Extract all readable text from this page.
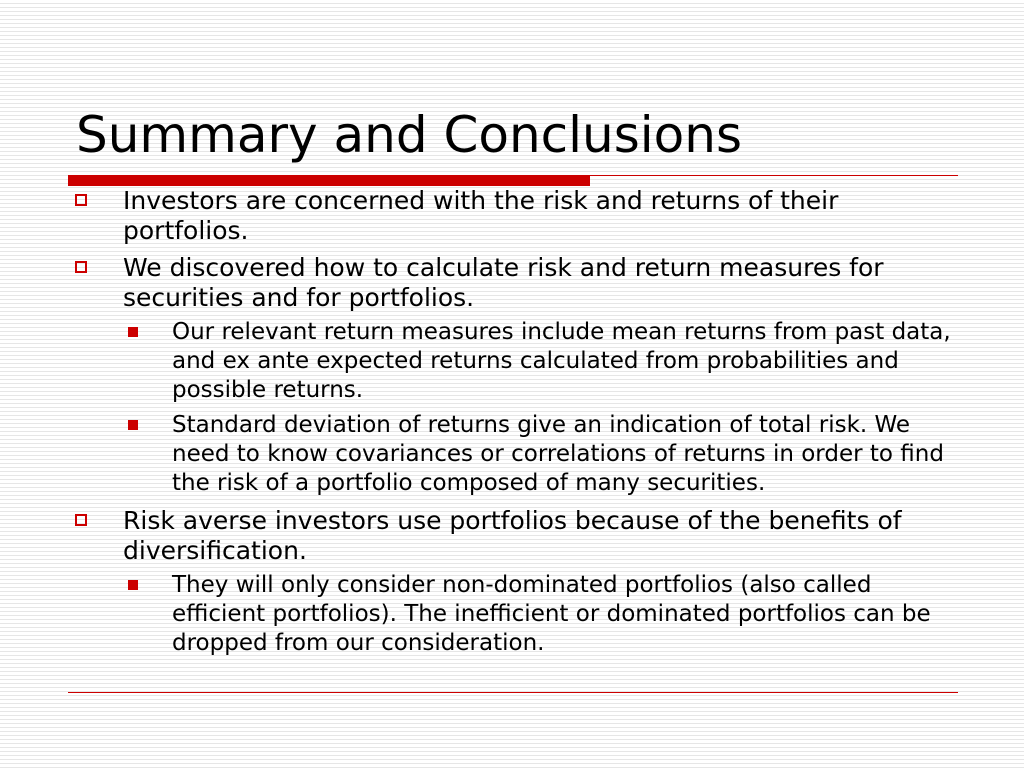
Summary and Conclusions
Investors are concerned with the risk and returns of their portfolios.
We discovered how to calculate risk and return measures for securities and for portfolios.
Our relevant return measures include mean returns from past data, and ex ante expected returns calculated from probabilities and possible returns.
Standard deviation of returns give an indication of total risk. We need to know covariances or correlations of returns in order to find the risk of a portfolio composed of many securities.
Risk averse investors use portfolios because of the benefits of diversification.
They will only consider non-dominated portfolios (also called efficient portfolios). The inefficient or dominated portfolios can be dropped from our consideration.
